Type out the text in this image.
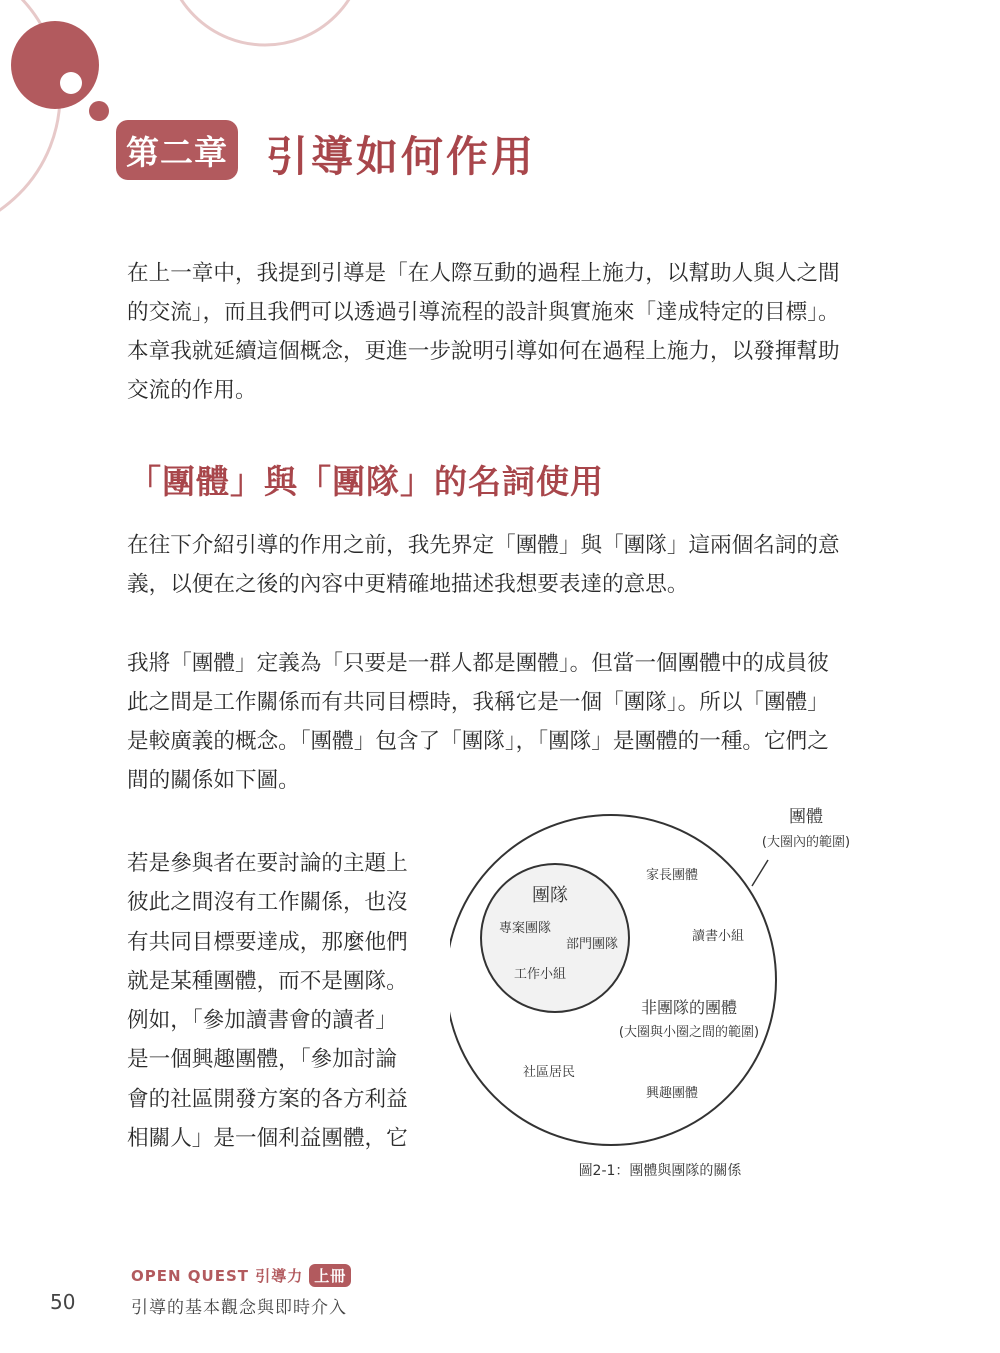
第二章 引導如何作用

在上一章中，我提到引導是「在人際互動的過程上施力，以幫助人與人之間的交流」，而且我們可以透過引導流程的設計與實施來「達成特定的目標」。本章我就延續這個概念，更進一步說明引導如何在過程上施力，以發揮幫助交流的作用。

「團體」與「團隊」的名詞使用

在往下介紹引導的作用之前，我先界定「團體」與「團隊」這兩個名詞的意義，以便在之後的內容中更精確地描述我想要表達的意思。

我將「團體」定義為「只要是一群人都是團體」。但當一個團體中的成員彼此之間是工作關係而有共同目標時，我稱它是一個「團隊」。所以「團體」是較廣義的概念。「團體」包含了「團隊」，「團隊」是團體的一種。它們之間的關係如下圖。

若是參與者在要討論的主題上彼此之間沒有工作關係，也沒有共同目標要達成，那麼他們就是某種團體，而不是團隊。例如，「參加讀書會的讀者」是一個興趣團體，「參加討論會的社區開發方案的各方利益相關人」是一個利益團體，它

團體
(大圈內的範圍)
團隊
專案團隊
部門團隊
工作小組
家長團體
讀書小組
社區居民
興趣團體
非團隊的團體
(大圈與小圈之間的範圍)
圖2-1：團體與團隊的關係
OPEN QUEST 引導力 上冊
引導的基本觀念與即時介入
50
